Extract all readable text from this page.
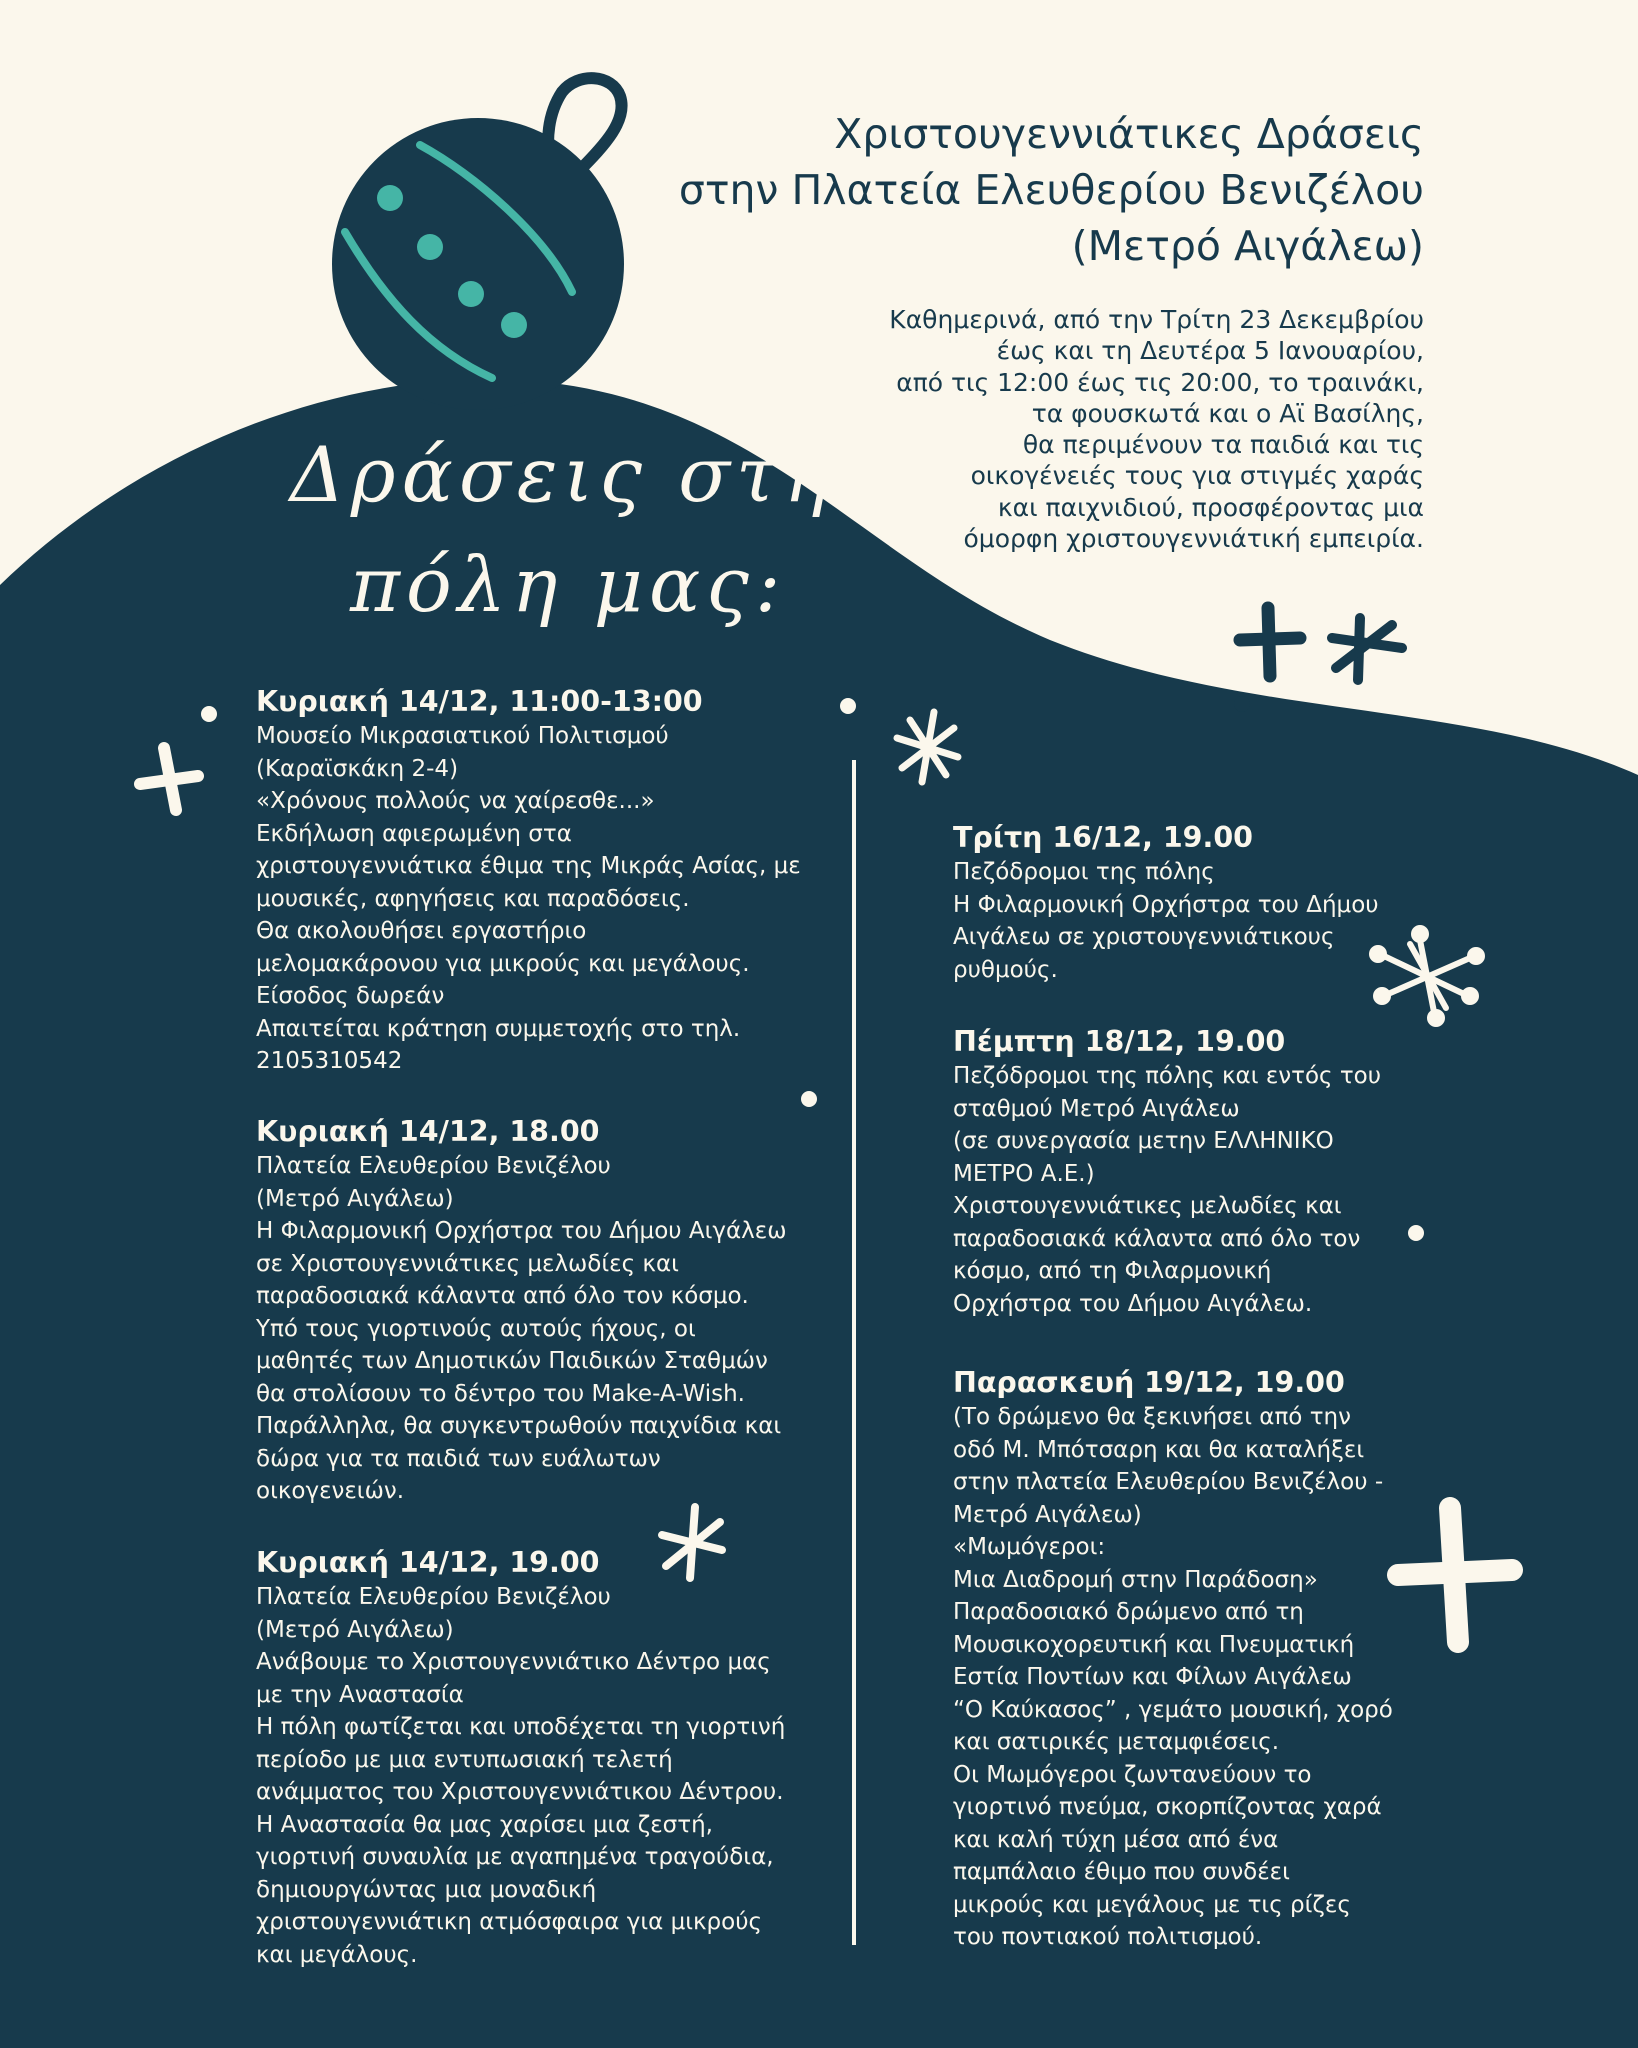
Χριστουγεννιάτικες Δράσεις
στην Πλατεία Ελευθερίου Βενιζέλου
(Μετρό Αιγάλεω)
Καθημερινά, από την Τρίτη 23 Δεκεμβρίου
έως και τη Δευτέρα 5 Ιανουαρίου,
από τις 12:00 έως τις 20:00, το τραινάκι,
τα φουσκωτά και ο Αϊ Βασίλης,
θα περιμένουν τα παιδιά και τις
οικογένειές τους για στιγμές χαράς
και παιχνιδιού, προσφέροντας μια
όμορφη χριστουγεννιάτική εμπειρία.
Δράσεις στην
πόλη μας:
Κυριακή 14/12, 11:00-13:00
Μουσείο Μικρασιατικού Πολιτισμού
(Καραϊσκάκη 2-4)
«Χρόνους πολλούς να χαίρεσθε...»
Εκδήλωση αφιερωμένη στα
χριστουγεννιάτικα έθιμα της Μικράς Ασίας, με
μουσικές, αφηγήσεις και παραδόσεις.
Θα ακολουθήσει εργαστήριο
μελομακάρονου για μικρούς και μεγάλους.
Είσοδος δωρεάν
Απαιτείται κράτηση συμμετοχής στο τηλ.
2105310542
Κυριακή 14/12, 18.00
Πλατεία Ελευθερίου Βενιζέλου
(Μετρό Αιγάλεω)
Η Φιλαρμονική Ορχήστρα του Δήμου Αιγάλεω
σε Χριστουγεννιάτικες μελωδίες και
παραδοσιακά κάλαντα από όλο τον κόσμο.
Υπό τους γιορτινούς αυτούς ήχους, οι
μαθητές των Δημοτικών Παιδικών Σταθμών
θα στολίσουν το δέντρο του Make-A-Wish.
Παράλληλα, θα συγκεντρωθούν παιχνίδια και
δώρα για τα παιδιά των ευάλωτων
οικογενειών.
Κυριακή 14/12, 19.00
Πλατεία Ελευθερίου Βενιζέλου
(Μετρό Αιγάλεω)
Ανάβουμε το Χριστουγεννιάτικο Δέντρο μας
με την Αναστασία
Η πόλη φωτίζεται και υποδέχεται τη γιορτινή
περίοδο με μια εντυπωσιακή τελετή
ανάμματος του Χριστουγεννιάτικου Δέντρου.
Η Αναστασία θα μας χαρίσει μια ζεστή,
γιορτινή συναυλία με αγαπημένα τραγούδια,
δημιουργώντας μια μοναδική
χριστουγεννιάτικη ατμόσφαιρα για μικρούς
και μεγάλους.
Τρίτη 16/12, 19.00
Πεζόδρομοι της πόλης
Η Φιλαρμονική Ορχήστρα του Δήμου
Αιγάλεω σε χριστουγεννιάτικους
ρυθμούς.
Πέμπτη 18/12, 19.00
Πεζόδρομοι της πόλης και εντός του
σταθμού Μετρό Αιγάλεω
(σε συνεργασία μετην ΕΛΛΗΝΙΚΟ
ΜΕΤΡΟ Α.Ε.)
Χριστουγεννιάτικες μελωδίες και
παραδοσιακά κάλαντα από όλο τον
κόσμο, από τη Φιλαρμονική
Ορχήστρα του Δήμου Αιγάλεω.
Παρασκευή 19/12, 19.00
(Το δρώμενο θα ξεκινήσει από την
οδό Μ. Μπότσαρη και θα καταλήξει
στην πλατεία Ελευθερίου Βενιζέλου -
Μετρό Αιγάλεω)
«Μωμόγεροι:
Μια Διαδρομή στην Παράδοση»
Παραδοσιακό δρώμενο από τη
Μουσικοχορευτική και Πνευματική
Εστία Ποντίων και Φίλων Αιγάλεω
“Ο Καύκασος” , γεμάτο μουσική, χορό
και σατιρικές μεταμφιέσεις.
Οι Μωμόγεροι ζωντανεύουν το
γιορτινό πνεύμα, σκορπίζοντας χαρά
και καλή τύχη μέσα από ένα
παμπάλαιο έθιμο που συνδέει
μικρούς και μεγάλους με τις ρίζες
του ποντιακού πολιτισμού.
